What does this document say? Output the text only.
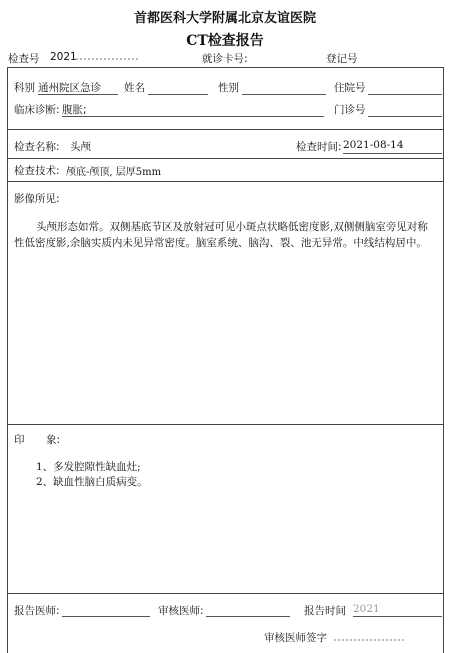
首都医科大学附属北京友谊医院
CT检查报告
检查号 2021	就诊卡号:	登记号
科别 通州院区急诊 姓名	性别	住院号
临床诊断: 腹胀;	门诊号
检查名称: 头颅	检查时间: 2021-08-14
检查技术: 颅底-颅顶, 层厚5mm
影像所见:
头颅形态如常。双侧基底节区及放射冠可见小斑点状略低密度影,双侧侧脑室旁见对称性低密度影,余脑实质内未见异常密度。脑室系统、脑沟、裂、池无异常。中线结构居中。
印 象:
1、多发腔隙性缺血灶;
2、缺血性脑白质病变。
报告医师:	审核医师:	报告时间 2021
审核医师签字
